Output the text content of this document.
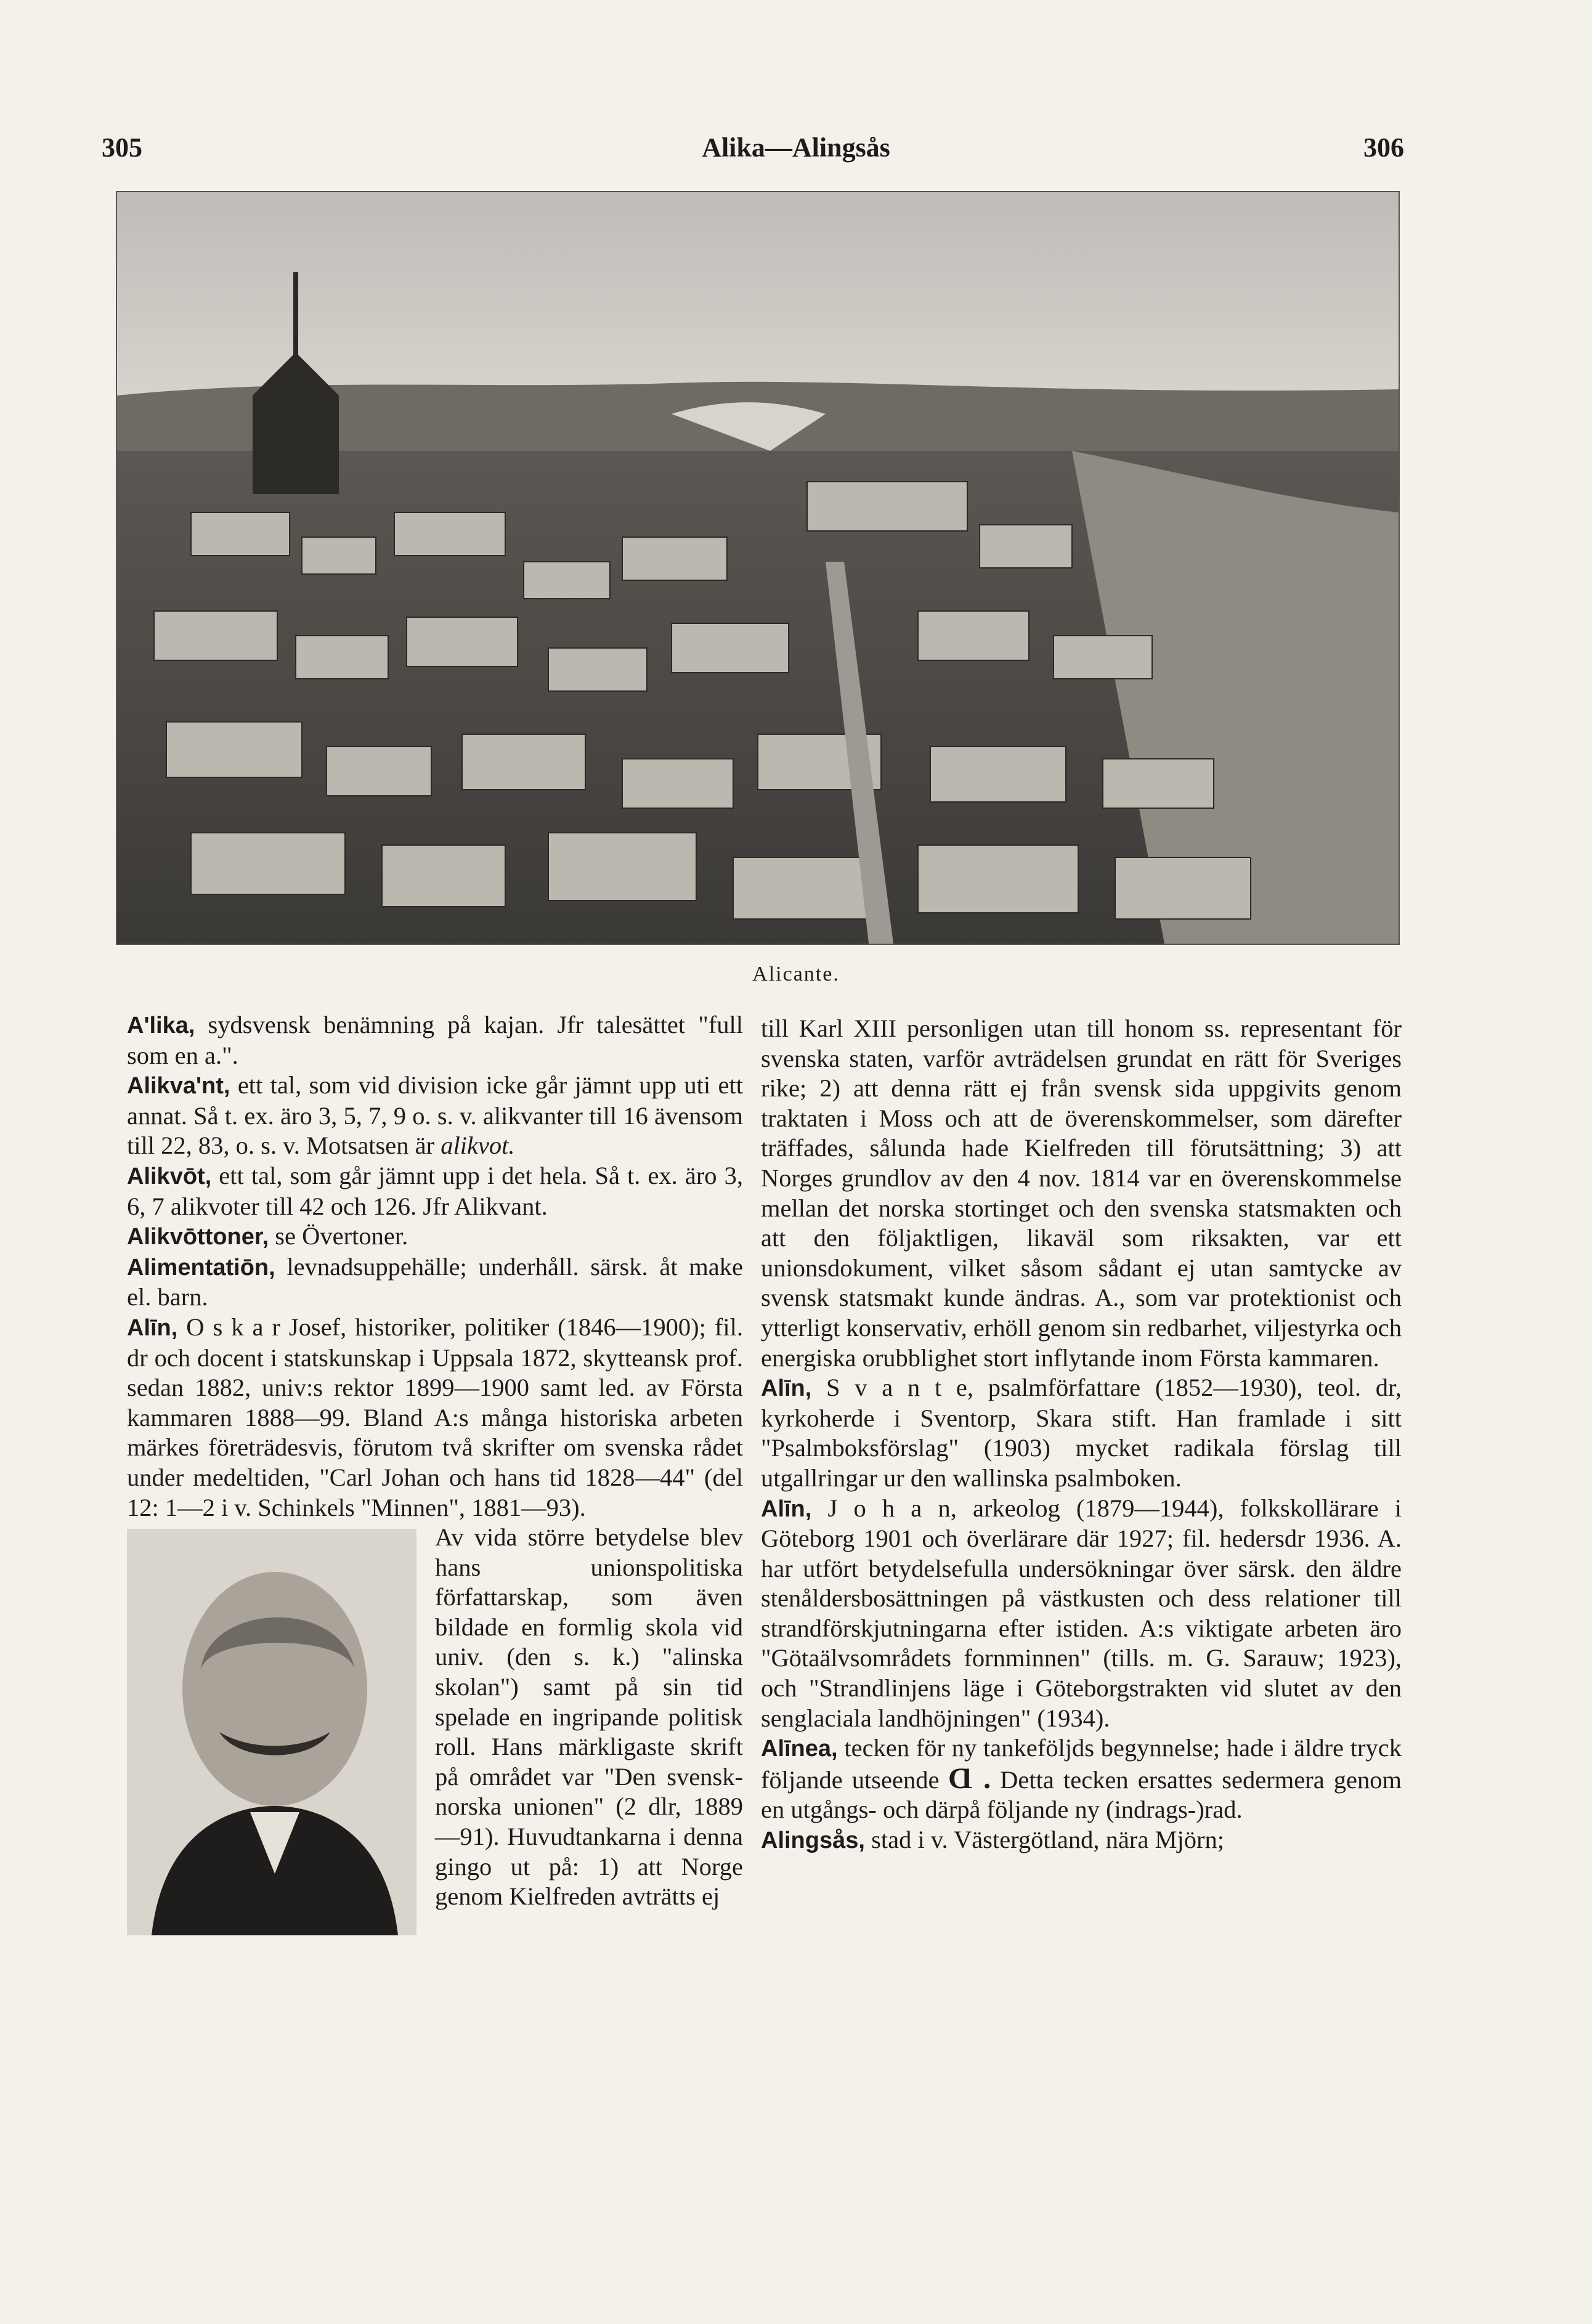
305	Alika—Alingsås	306
Alicante.

A'lika, sydsvensk benämning på kajan. Jfr talesättet "full som en a.".

Alikva'nt, ett tal, som vid division icke går jämnt upp uti ett annat. Så t. ex. äro 3, 5, 7, 9 o. s. v. alikvanter till 16 ävensom till 22, 83, o. s. v. Motsatsen är alikvot.

Alikvōt, ett tal, som går jämnt upp i det hela. Så t. ex. äro 3, 6, 7 alikvoter till 42 och 126. Jfr Alikvant.

Alikvōttoner, se Övertoner.

Alimentatiōn, levnadsuppehälle; underhåll. särsk. åt make el. barn.

Alīn, O s k a r Josef, historiker, politiker (1846—1900); fil. dr och docent i statskunskap i Uppsala 1872, skytteansk prof. sedan 1882, univ:s rektor 1899—1900 samt led. av Första kammaren 1888—99. Bland A:s många historiska arbeten märkes företrädesvis, förutom två skrifter om svenska rådet under medeltiden, "Carl Johan och hans tid 1828—44" (del 12: 1—2 i v. Schinkels "Minnen", 1881—93).

Av vida större betydelse blev hans unionspolitiska författarskap, som även bildade en formlig skola vid univ. (den s. k.) "alinska skolan") samt på sin tid spelade en ingripande politisk roll. Hans märkligaste skrift på området var "Den svensk-norska unionen" (2 dlr, 1889—91). Huvudtankarna i denna gingo ut på: 1) att Norge genom Kielfreden avträtts ej

till Karl XIII personligen utan till honom ss. representant för svenska staten, varför avträdelsen grundat en rätt för Sveriges rike; 2) att denna rätt ej från svensk sida uppgivits genom traktaten i Moss och att de överenskommelser, som därefter träffades, sålunda hade Kielfreden till förutsättning; 3) att Norges grundlov av den 4 nov. 1814 var en överenskommelse mellan det norska stortinget och den svenska statsmakten och att den följaktligen, likaväl som riksakten, var ett unionsdokument, vilket såsom sådant ej utan samtycke av svensk statsmakt kunde ändras. A., som var protektionist och ytterligt konservativ, erhöll genom sin redbarhet, viljestyrka och energiska orubblighet stort inflytande inom Första kammaren.

Alīn, S v a n t e, psalmförfattare (1852—1930), teol. dr, kyrkoherde i Sventorp, Skara stift. Han framlade i sitt "Psalmboksförslag" (1903) mycket radikala förslag till utgallringar ur den wallinska psalmboken.

Alīn, J o h a n, arkeolog (1879—1944), folkskollärare i Göteborg 1901 och överlärare där 1927; fil. hedersdr 1936. A. har utfört betydelsefulla undersökningar över särsk. den äldre stenåldersbosättningen på västkusten och dess relationer till strandförskjutningarna efter istiden. A:s viktigate arbeten äro "Götaälvsområdets fornminnen" (tills. m. G. Sarauw; 1923), och "Strandlinjens läge i Göteborgstrakten vid slutet av den senglaciala landhöjningen" (1934).

Alīnea, tecken för ny tankeföljds begynnelse; hade i äldre tryck följande utseende Ɑ . Detta tecken ersattes sedermera genom en utgångs- och därpå följande ny (indrags-)rad.

Alingsås, stad i v. Västergötland, nära Mjörn;
